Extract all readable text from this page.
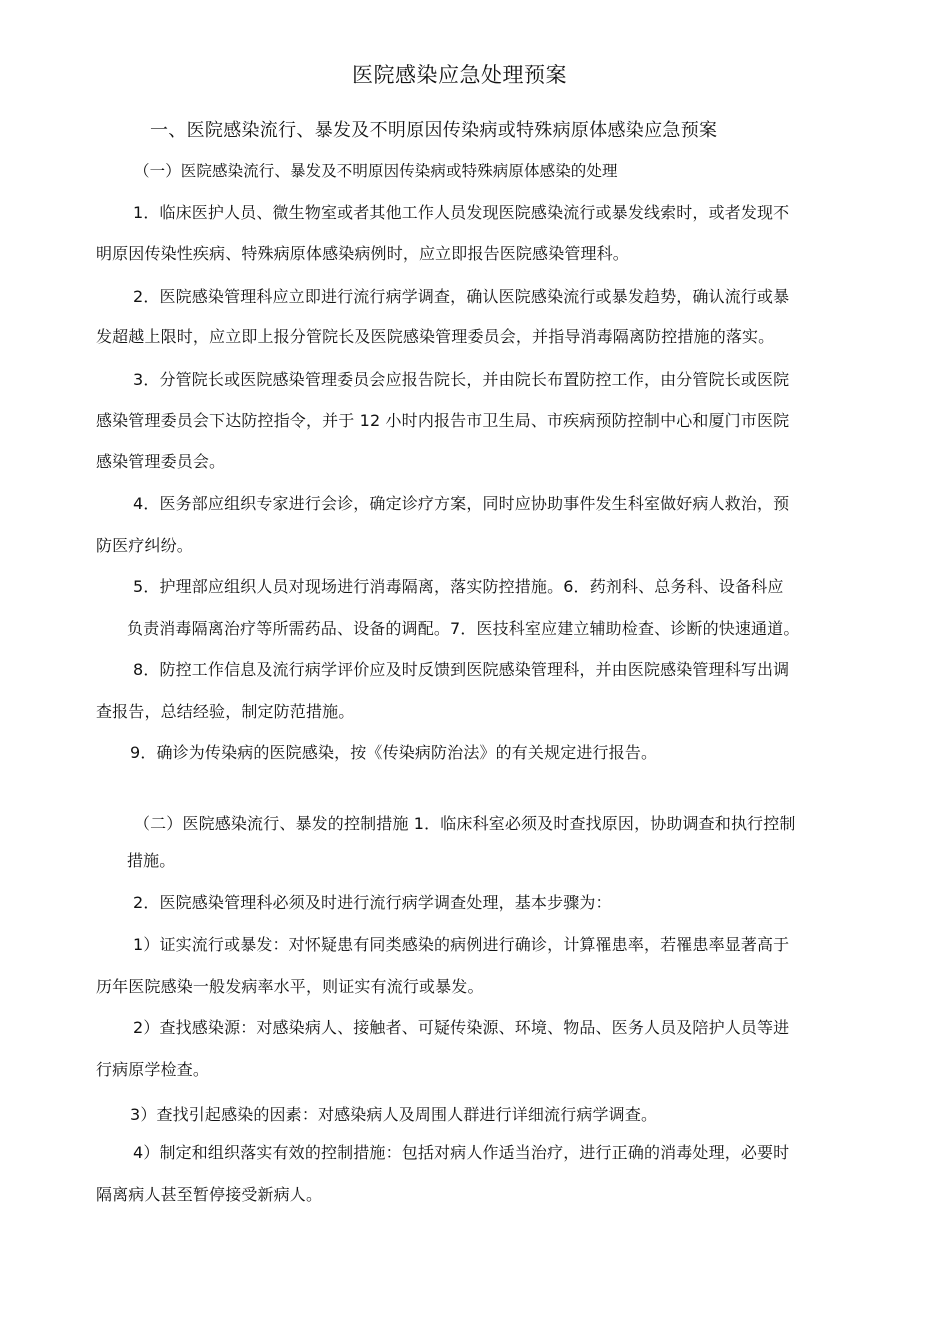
医院感染应急处理预案
一、医院感染流行、暴发及不明原因传染病或特殊病原体感染应急预案
（一）医院感染流行、暴发及不明原因传染病或特殊病原体感染的处理
1．临床医护人员、微生物室或者其他工作人员发现医院感染流行或暴发线索时，或者发现不
明原因传染性疾病、特殊病原体感染病例时，应立即报告医院感染管理科。
2．医院感染管理科应立即进行流行病学调查，确认医院感染流行或暴发趋势，确认流行或暴
发超越上限时，应立即上报分管院长及医院感染管理委员会，并指导消毒隔离防控措施的落实。
3．分管院长或医院感染管理委员会应报告院长，并由院长布置防控工作，由分管院长或医院
感染管理委员会下达防控指令，并于 12 小时内报告市卫生局、市疾病预防控制中心和厦门市医院
感染管理委员会。
4．医务部应组织专家进行会诊，确定诊疗方案，同时应协助事件发生科室做好病人救治，预
防医疗纠纷。
5．护理部应组织人员对现场进行消毒隔离，落实防控措施。6．药剂科、总务科、设备科应
负责消毒隔离治疗等所需药品、设备的调配。7．医技科室应建立辅助检查、诊断的快速通道。
8．防控工作信息及流行病学评价应及时反馈到医院感染管理科，并由医院感染管理科写出调
查报告，总结经验，制定防范措施。
9．确诊为传染病的医院感染，按《传染病防治法》的有关规定进行报告。
（二）医院感染流行、暴发的控制措施 1．临床科室必须及时查找原因，协助调查和执行控制
措施。
2．医院感染管理科必须及时进行流行病学调查处理，基本步骤为：
1）证实流行或暴发：对怀疑患有同类感染的病例进行确诊，计算罹患率，若罹患率显著高于
历年医院感染一般发病率水平，则证实有流行或暴发。
2）查找感染源：对感染病人、接触者、可疑传染源、环境、物品、医务人员及陪护人员等进
行病原学检查。
3）查找引起感染的因素：对感染病人及周围人群进行详细流行病学调查。
4）制定和组织落实有效的控制措施：包括对病人作适当治疗，进行正确的消毒处理，必要时
隔离病人甚至暂停接受新病人。
